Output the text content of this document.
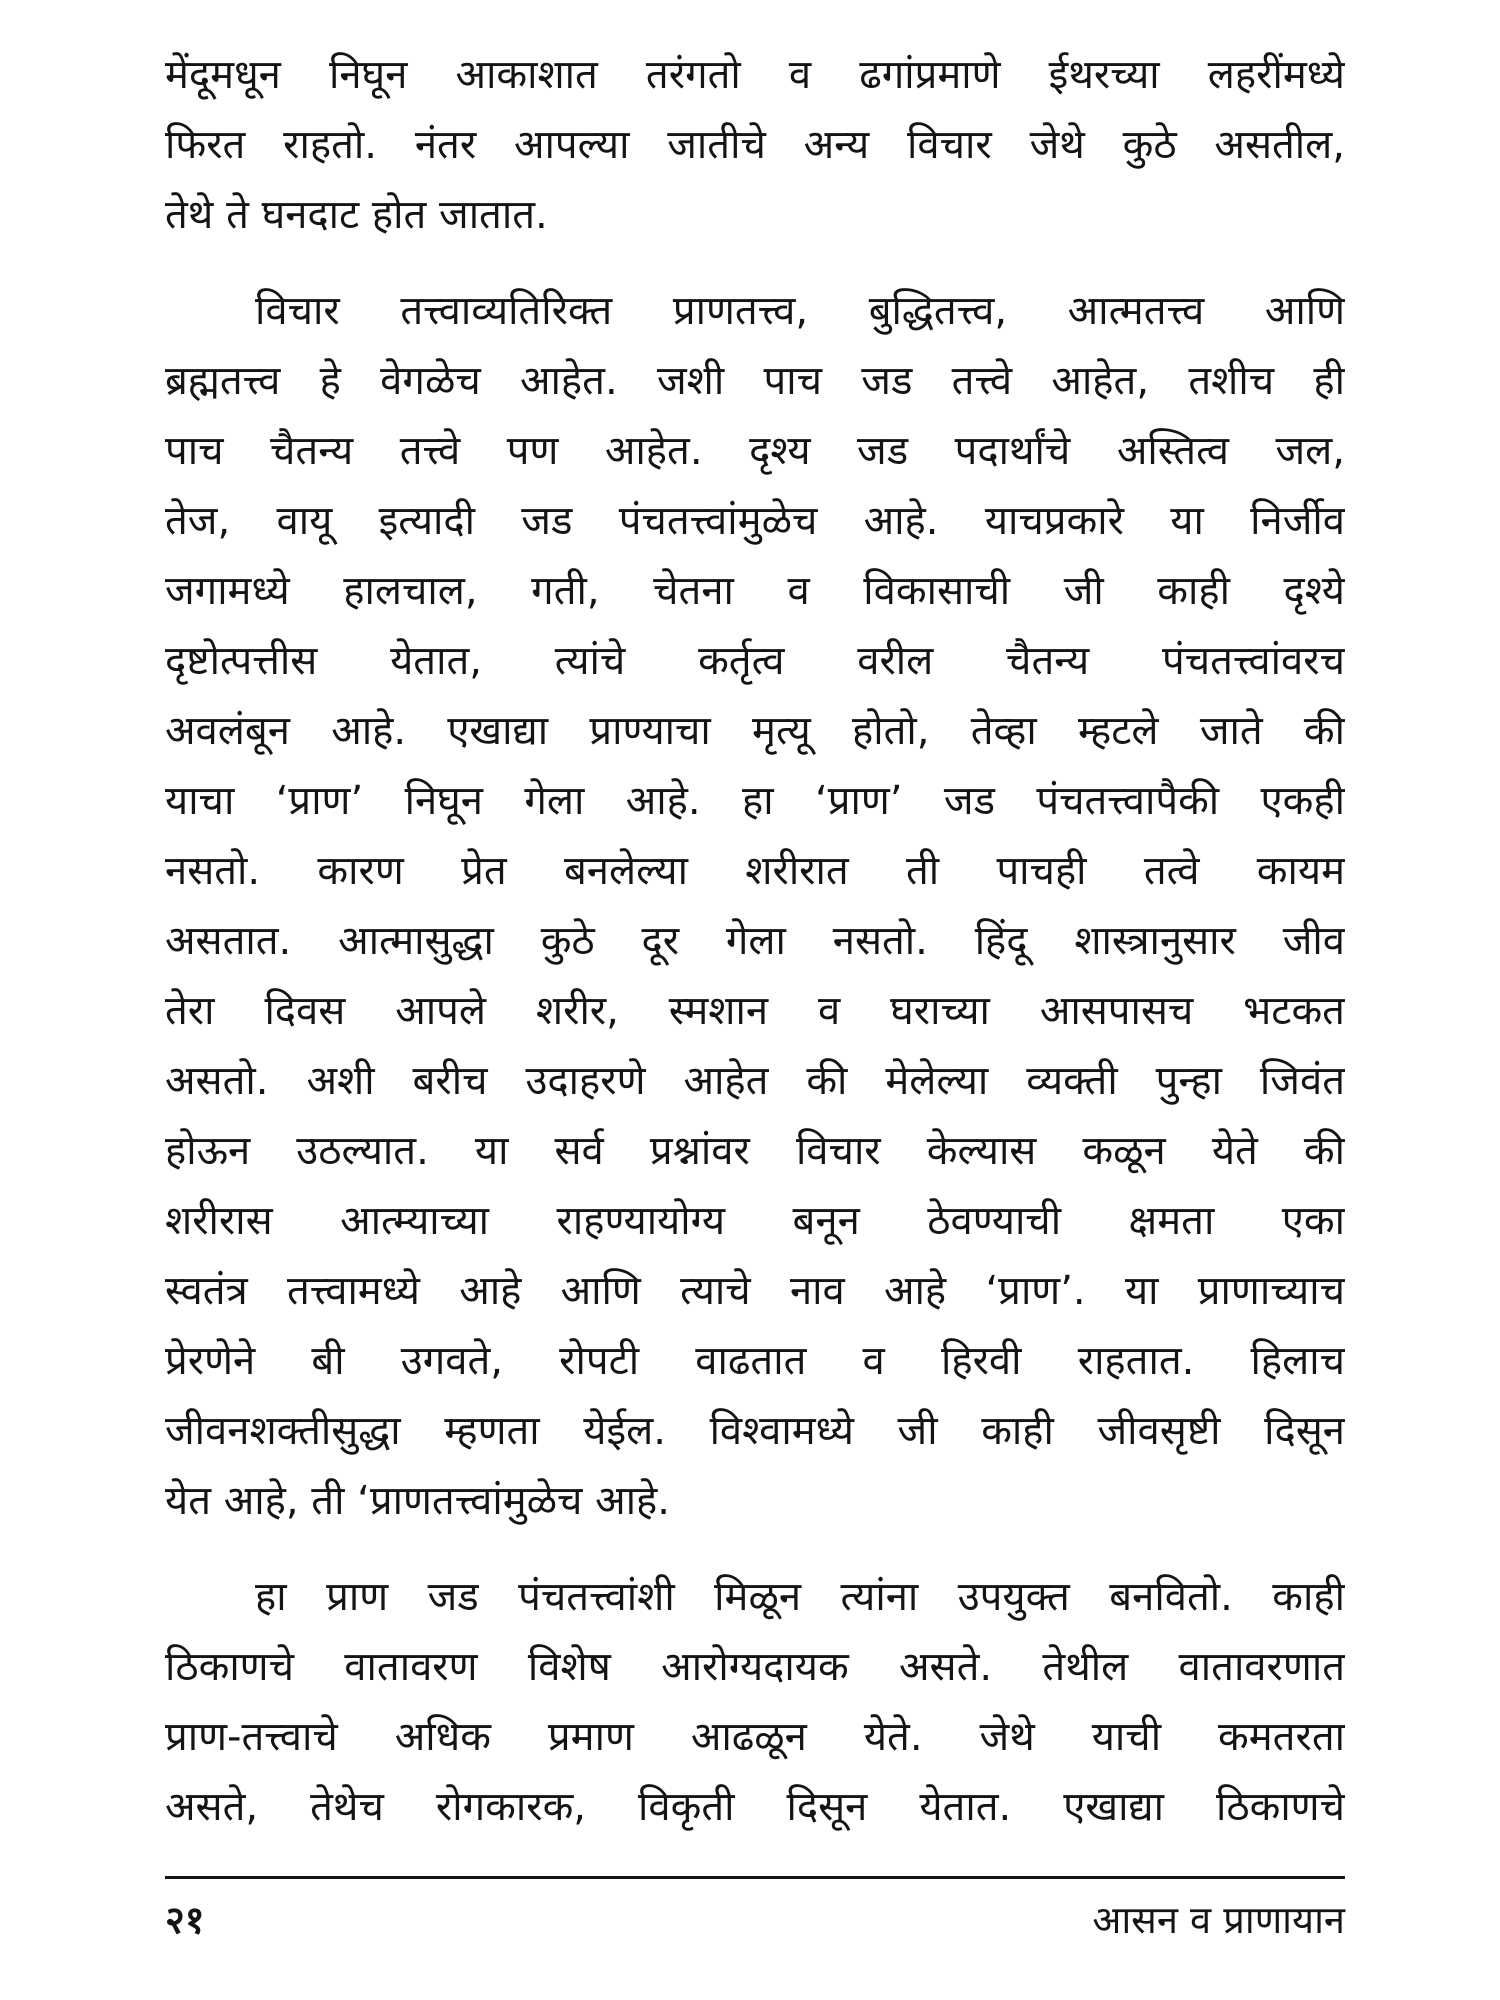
मेंदूमधून निघून आकाशात तरंगतो व ढगांप्रमाणे ईथरच्या लहरींमध्ये
फिरत राहतो. नंतर आपल्या जातीचे अन्य विचार जेथे कुठे असतील,
तेथे ते घनदाट होत जातात.
विचार तत्त्वाव्यतिरिक्त प्राणतत्त्व, बुद्धितत्त्व, आत्मतत्त्व आणि
ब्रह्मतत्त्व हे वेगळेच आहेत. जशी पाच जड तत्त्वे आहेत, तशीच ही
पाच चैतन्य तत्त्वे पण आहेत. दृश्य जड पदार्थांचे अस्तित्व जल,
तेज, वायू इत्यादी जड पंचतत्त्वांमुळेच आहे. याचप्रकारे या निर्जीव
जगामध्ये हालचाल, गती, चेतना व विकासाची जी काही दृश्ये
दृष्टोत्पत्तीस येतात, त्यांचे कर्तृत्व वरील चैतन्य पंचतत्त्वांवरच
अवलंबून आहे. एखाद्या प्राण्याचा मृत्यू होतो, तेव्हा म्हटले जाते की
याचा ‘प्राण’ निघून गेला आहे. हा ‘प्राण’ जड पंचतत्त्वापैकी एकही
नसतो. कारण प्रेत बनलेल्या शरीरात ती पाचही तत्वे कायम
असतात. आत्मासुद्धा कुठे दूर गेला नसतो. हिंदू शास्त्रानुसार जीव
तेरा दिवस आपले शरीर, स्मशान व घराच्या आसपासच भटकत
असतो. अशी बरीच उदाहरणे आहेत की मेलेल्या व्यक्ती पुन्हा जिवंत
होऊन उठल्यात. या सर्व प्रश्नांवर विचार केल्यास कळून येते की
शरीरास आत्म्याच्या राहण्यायोग्य बनून ठेवण्याची क्षमता एका
स्वतंत्र तत्त्वामध्ये आहे आणि त्याचे नाव आहे ‘प्राण’. या प्राणाच्याच
प्रेरणेने बी उगवते, रोपटी वाढतात व हिरवी राहतात. हिलाच
जीवनशक्तीसुद्धा म्हणता येईल. विश्वामध्ये जी काही जीवसृष्टी दिसून
येत आहे, ती ‘प्राणतत्त्वांमुळेच आहे.
हा प्राण जड पंचतत्त्वांशी मिळून त्यांना उपयुक्त बनवितो. काही
ठिकाणचे वातावरण विशेष आरोग्यदायक असते. तेथील वातावरणात
प्राण-तत्त्वाचे अधिक प्रमाण आढळून येते. जेथे याची कमतरता
असते, तेथेच रोगकारक, विकृती दिसून येतात. एखाद्या ठिकाणचे
२१	आसन व प्राणायान
